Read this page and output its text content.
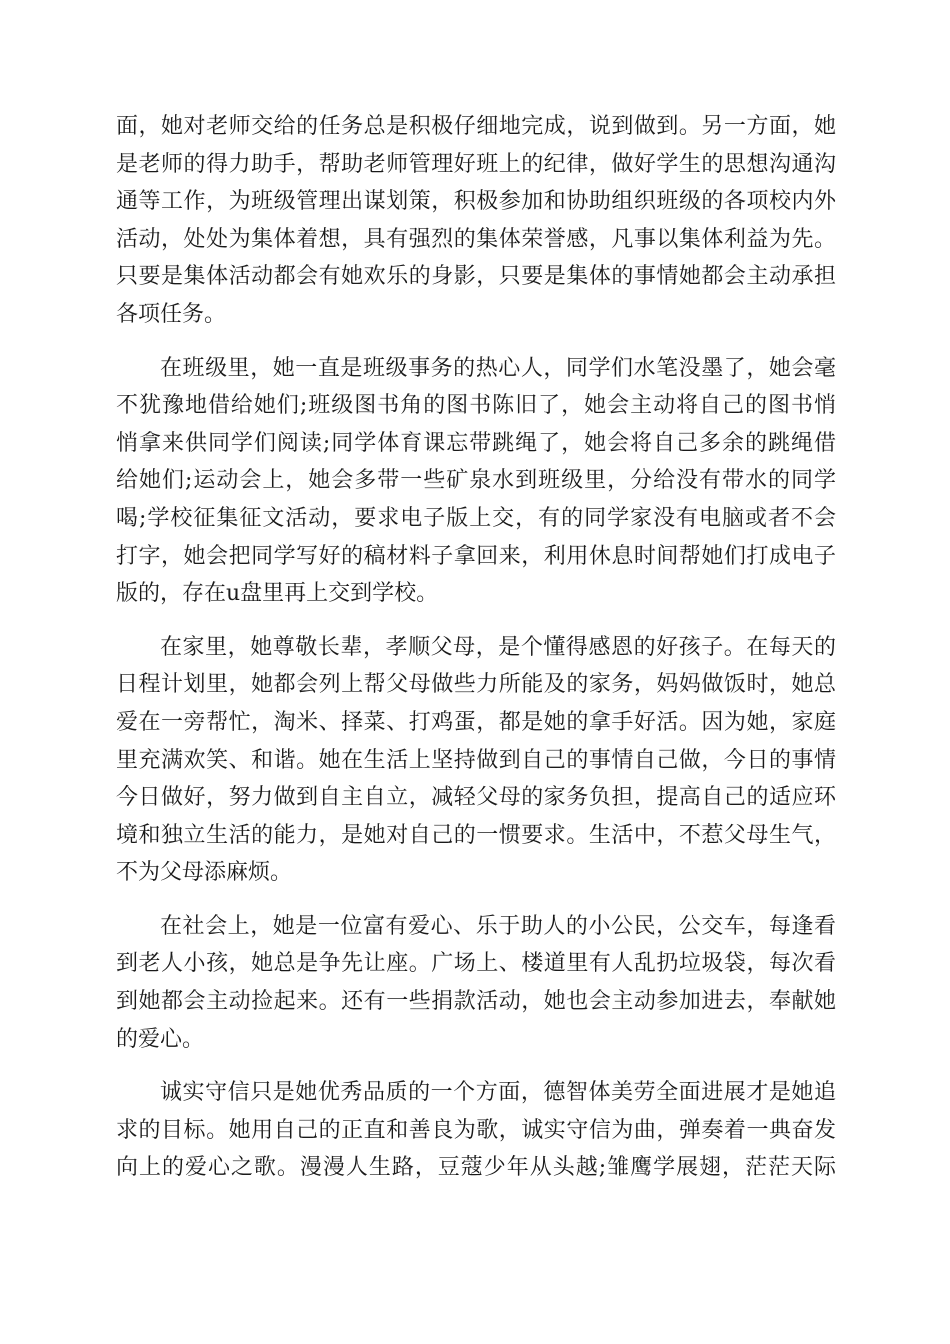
面，她对老师交给的任务总是积极仔细地完成，说到做到。另一方面，她
是老师的得力助手，帮助老师管理好班上的纪律，做好学生的思想沟通沟
通等工作，为班级管理出谋划策，积极参加和协助组织班级的各项校内外
活动，处处为集体着想，具有强烈的集体荣誉感，凡事以集体利益为先。
只要是集体活动都会有她欢乐的身影，只要是集体的事情她都会主动承担
各项任务。
在班级里，她一直是班级事务的热心人，同学们水笔没墨了，她会毫
不犹豫地借给她们;班级图书角的图书陈旧了，她会主动将自己的图书悄
悄拿来供同学们阅读;同学体育课忘带跳绳了，她会将自己多余的跳绳借
给她们;运动会上，她会多带一些矿泉水到班级里，分给没有带水的同学
喝;学校征集征文活动，要求电子版上交，有的同学家没有电脑或者不会
打字，她会把同学写好的稿材料子拿回来，利用休息时间帮她们打成电子
版的，存在u盘里再上交到学校。
在家里，她尊敬长辈，孝顺父母，是个懂得感恩的好孩子。在每天的
日程计划里，她都会列上帮父母做些力所能及的家务，妈妈做饭时，她总
爱在一旁帮忙，淘米、择菜、打鸡蛋，都是她的拿手好活。因为她，家庭
里充满欢笑、和谐。她在生活上坚持做到自己的事情自己做，今日的事情
今日做好，努力做到自主自立，减轻父母的家务负担，提高自己的适应环
境和独立生活的能力，是她对自己的一惯要求。生活中，不惹父母生气，
不为父母添麻烦。
在社会上，她是一位富有爱心、乐于助人的小公民，公交车，每逢看
到老人小孩，她总是争先让座。广场上、楼道里有人乱扔垃圾袋，每次看
到她都会主动捡起来。还有一些捐款活动，她也会主动参加进去，奉献她
的爱心。
诚实守信只是她优秀品质的一个方面，德智体美劳全面进展才是她追
求的目标。她用自己的正直和善良为歌，诚实守信为曲，弹奏着一典奋发
向上的爱心之歌。漫漫人生路，豆蔻少年从头越;雏鹰学展翅，茫茫天际
